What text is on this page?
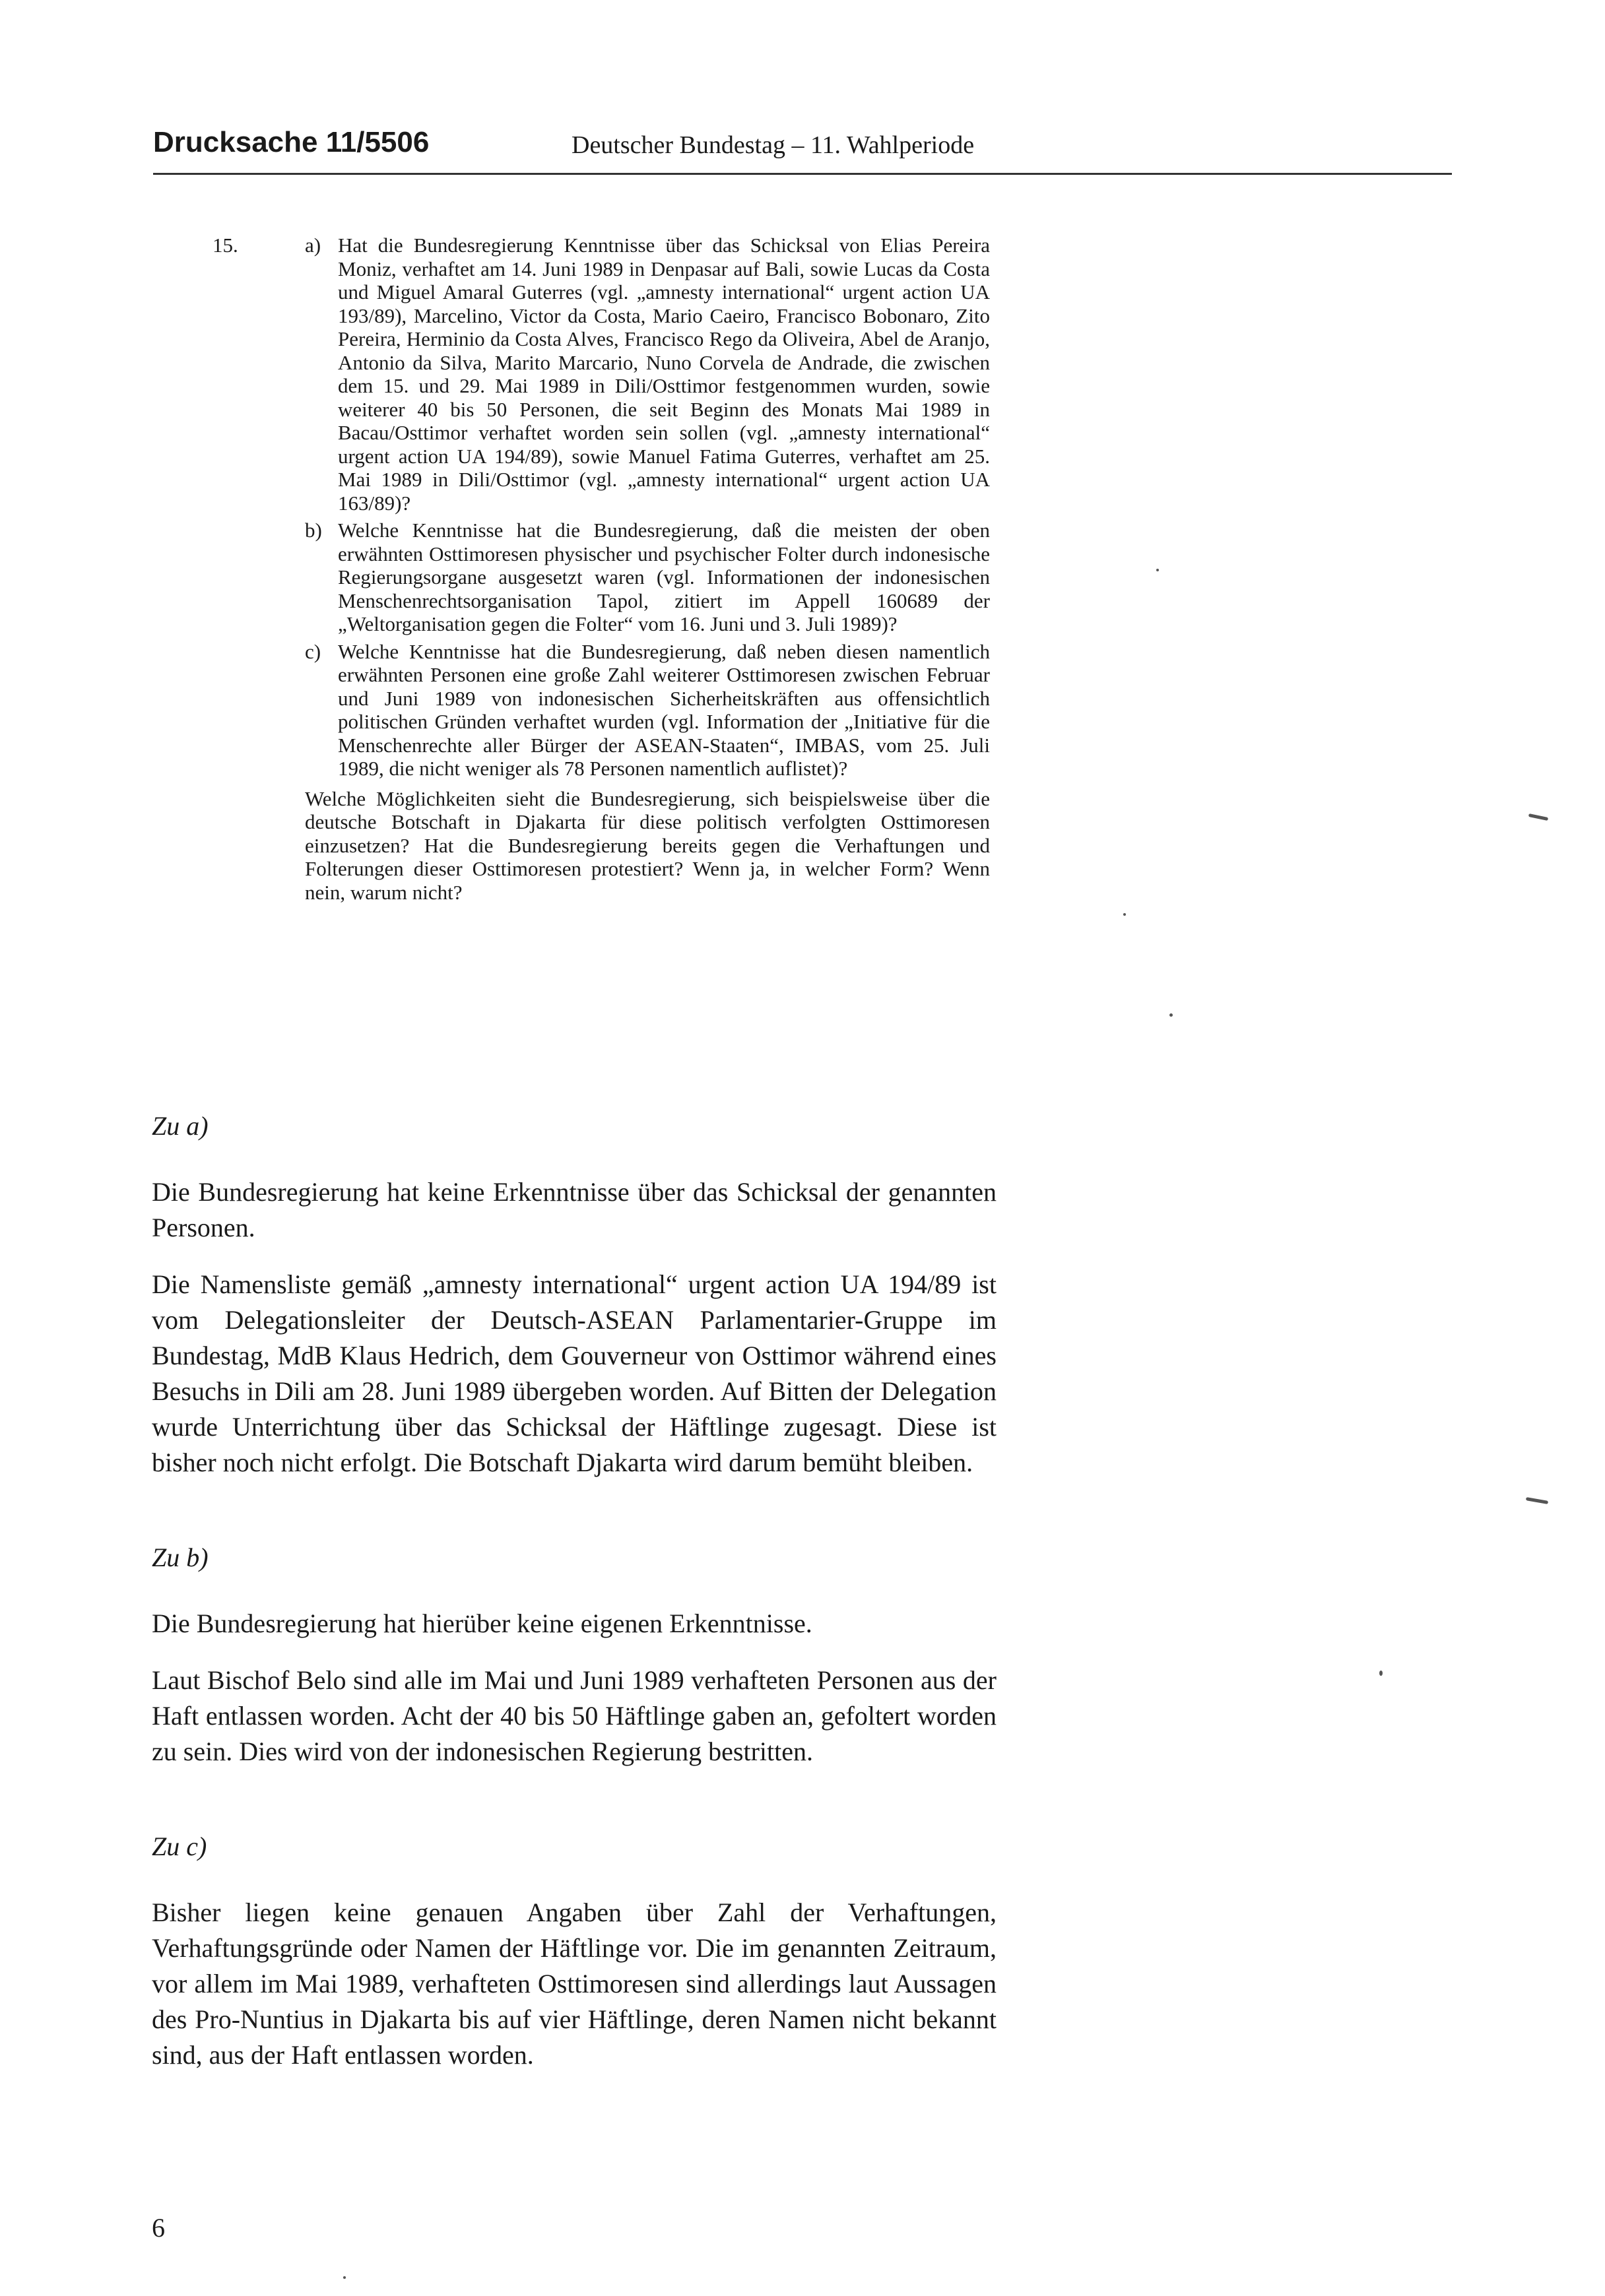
Drucksache 11/5506	Deutscher Bundestag – 11. Wahlperiode
15.	a) Hat die Bundesregierung Kenntnisse über das Schicksal von Elias Pereira Moniz, verhaftet am 14. Juni 1989 in Denpasar auf Bali, sowie Lucas da Costa und Miguel Amaral Guterres (vgl. „amnesty international“ urgent action UA 193/89), Marcelino, Victor da Costa, Mario Caeiro, Francisco Bobonaro, Zito Pereira, Herminio da Costa Alves, Francisco Rego da Oliveira, Abel de Aranjo, Antonio da Silva, Marito Marcario, Nuno Corvela de Andrade, die zwischen dem 15. und 29. Mai 1989 in Dili/Osttimor festgenommen wurden, sowie weiterer 40 bis 50 Personen, die seit Beginn des Monats Mai 1989 in Bacau/Osttimor verhaftet worden sein sollen (vgl. „amnesty international“ urgent action UA 194/89), sowie Manuel Fatima Guterres, verhaftet am 25. Mai 1989 in Dili/Osttimor (vgl. „amnesty international“ urgent action UA 163/89)?
b) Welche Kenntnisse hat die Bundesregierung, daß die meisten der oben erwähnten Osttimoresen physischer und psychischer Folter durch indonesische Regierungsorgane ausgesetzt waren (vgl. Informationen der indonesischen Menschenrechtsorganisation Tapol, zitiert im Appell 160689 der „Weltorganisation gegen die Folter“ vom 16. Juni und 3. Juli 1989)?
c) Welche Kenntnisse hat die Bundesregierung, daß neben diesen namentlich erwähnten Personen eine große Zahl weiterer Osttimoresen zwischen Februar und Juni 1989 von indonesischen Sicherheitskräften aus offensichtlich politischen Gründen verhaftet wurden (vgl. Information der „Initiative für die Menschenrechte aller Bürger der ASEAN-Staaten“, IMBAS, vom 25. Juli 1989, die nicht weniger als 78 Personen namentlich auflistet)?
Welche Möglichkeiten sieht die Bundesregierung, sich beispielsweise über die deutsche Botschaft in Djakarta für diese politisch verfolgten Osttimoresen einzusetzen? Hat die Bundesregierung bereits gegen die Verhaftungen und Folterungen dieser Osttimoresen protestiert? Wenn ja, in welcher Form? Wenn nein, warum nicht?
Zu a)

Die Bundesregierung hat keine Erkenntnisse über das Schicksal der genannten Personen.

Die Namensliste gemäß „amnesty international“ urgent action UA 194/89 ist vom Delegationsleiter der Deutsch-ASEAN Parlamentarier-Gruppe im Bundestag, MdB Klaus Hedrich, dem Gouverneur von Osttimor während eines Besuchs in Dili am 28. Juni 1989 übergeben worden. Auf Bitten der Delegation wurde Unterrichtung über das Schicksal der Häftlinge zugesagt. Diese ist bisher noch nicht erfolgt. Die Botschaft Djakarta wird darum bemüht bleiben.

Zu b)

Die Bundesregierung hat hierüber keine eigenen Erkenntnisse.

Laut Bischof Belo sind alle im Mai und Juni 1989 verhafteten Personen aus der Haft entlassen worden. Acht der 40 bis 50 Häftlinge gaben an, gefoltert worden zu sein. Dies wird von der indonesischen Regierung bestritten.

Zu c)

Bisher liegen keine genauen Angaben über Zahl der Verhaftungen, Verhaftungsgründe oder Namen der Häftlinge vor. Die im genannten Zeitraum, vor allem im Mai 1989, verhafteten Osttimoresen sind allerdings laut Aussagen des Pro-Nuntius in Djakarta bis auf vier Häftlinge, deren Namen nicht bekannt sind, aus der Haft entlassen worden.

6
